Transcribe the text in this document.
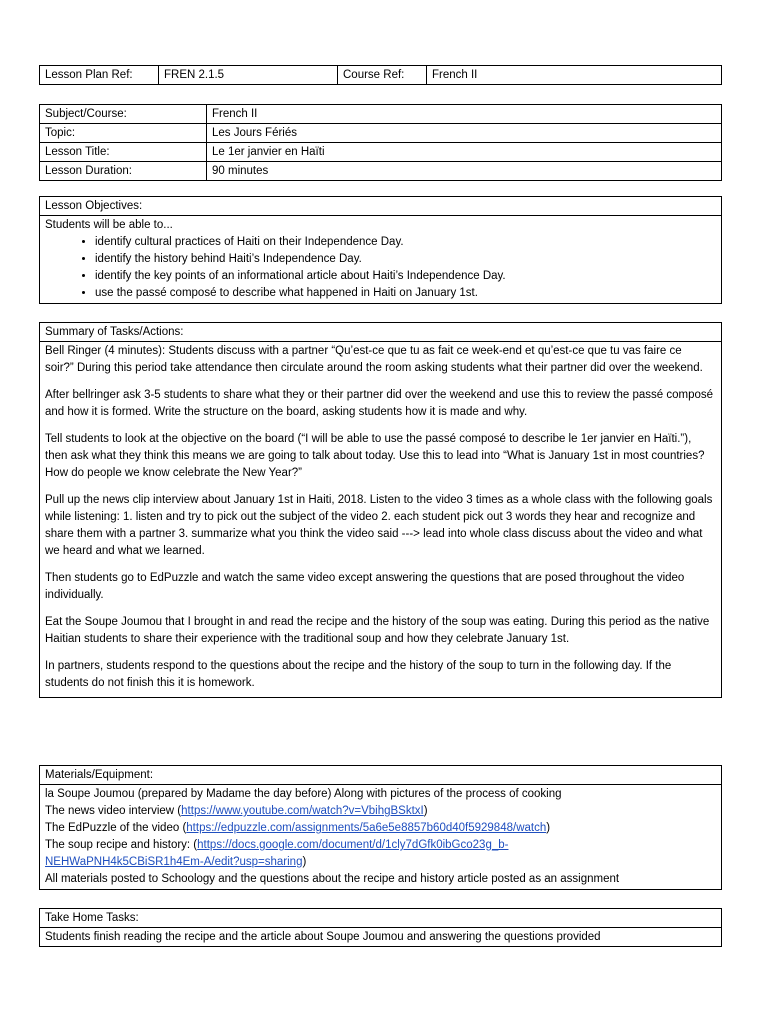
Lesson Plan Ref:	FREN 2.1.5	Course Ref:	French II
Subject/Course:	French II
Topic:	Les Jours Fériés
Lesson Title:	Le 1er janvier en Haïti
Lesson Duration:	90 minutes
Lesson Objectives:

Students will be able to...
• identify cultural practices of Haiti on their Independence Day.
• identify the history behind Haiti’s Independence Day.
• identify the key points of an informational article about Haiti’s Independence Day.
• use the passé composé to describe what happened in Haiti on January 1st.
Summary of Tasks/Actions:

Bell Ringer (4 minutes): Students discuss with a partner “Qu’est-ce que tu as fait ce week-end et qu’est-ce que tu vas faire ce soir?” During this period take attendance then circulate around the room asking students what their partner did over the weekend.

After bellringer ask 3-5 students to share what they or their partner did over the weekend and use this to review the passé composé and how it is formed. Write the structure on the board, asking students how it is made and why.

Tell students to look at the objective on the board (“I will be able to use the passé composé to describe le 1er janvier en Haïti.”), then ask what they think this means we are going to talk about today. Use this to lead into “What is January 1st in most countries? How do people we know celebrate the New Year?”

Pull up the news clip interview about January 1st in Haiti, 2018. Listen to the video 3 times as a whole class with the following goals while listening: 1. listen and try to pick out the subject of the video 2. each student pick out 3 words they hear and recognize and share them with a partner 3. summarize what you think the video said ---> lead into whole class discuss about the video and what we heard and what we learned.

Then students go to EdPuzzle and watch the same video except answering the questions that are posed throughout the video individually.

Eat the Soupe Joumou that I brought in and read the recipe and the history of the soup was eating. During this period as the native Haitian students to share their experience with the traditional soup and how they celebrate January 1st.

In partners, students respond to the questions about the recipe and the history of the soup to turn in the following day. If the students do not finish this it is homework.

Materials/Equipment:

la Soupe Joumou (prepared by Madame the day before) Along with pictures of the process of cooking
The news video interview (https://www.youtube.com/watch?v=VbihgBSktxI)
The EdPuzzle of the video (https://edpuzzle.com/assignments/5a6e5e8857b60d40f5929848/watch)
The soup recipe and history: (https://docs.google.com/document/d/1cly7dGfk0ibGco23g_b-
NEHWaPNH4k5CBiSR1h4Em-A/edit?usp=sharing)
All materials posted to Schoology and the questions about the recipe and history article posted as an assignment
Take Home Tasks:
Students finish reading the recipe and the article about Soupe Joumou and answering the questions provided
